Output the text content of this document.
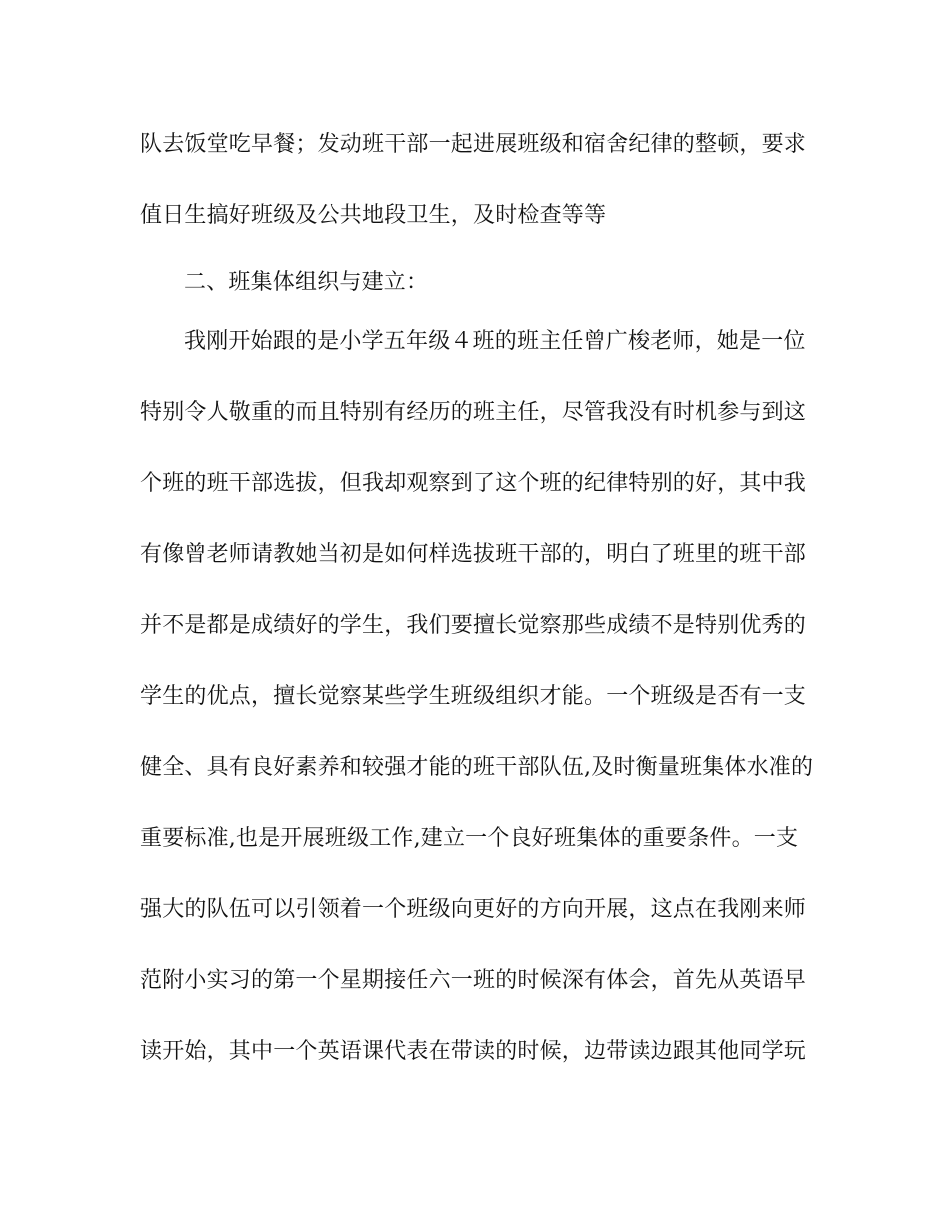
队去饭堂吃早餐；发动班干部一起进展班级和宿舍纪律的整顿，要求
值日生搞好班级及公共地段卫生，及时检查等等
二、班集体组织与建立：
我刚开始跟的是小学五年级４班的班主任曾广梭老师，她是一位
特别令人敬重的而且特别有经历的班主任，尽管我没有时机参与到这
个班的班干部选拔，但我却观察到了这个班的纪律特别的好，其中我
有像曾老师请教她当初是如何样选拔班干部的，明白了班里的班干部
并不是都是成绩好的学生，我们要擅长觉察那些成绩不是特别优秀的
学生的优点，擅长觉察某些学生班级组织才能。一个班级是否有一支
健全、具有良好素养和较强才能的班干部队伍,及时衡量班集体水准的
重要标准,也是开展班级工作,建立一个良好班集体的重要条件。一支
强大的队伍可以引领着一个班级向更好的方向开展，这点在我刚来师
范附小实习的第一个星期接任六一班的时候深有体会，首先从英语早
读开始，其中一个英语课代表在带读的时候，边带读边跟其他同学玩
